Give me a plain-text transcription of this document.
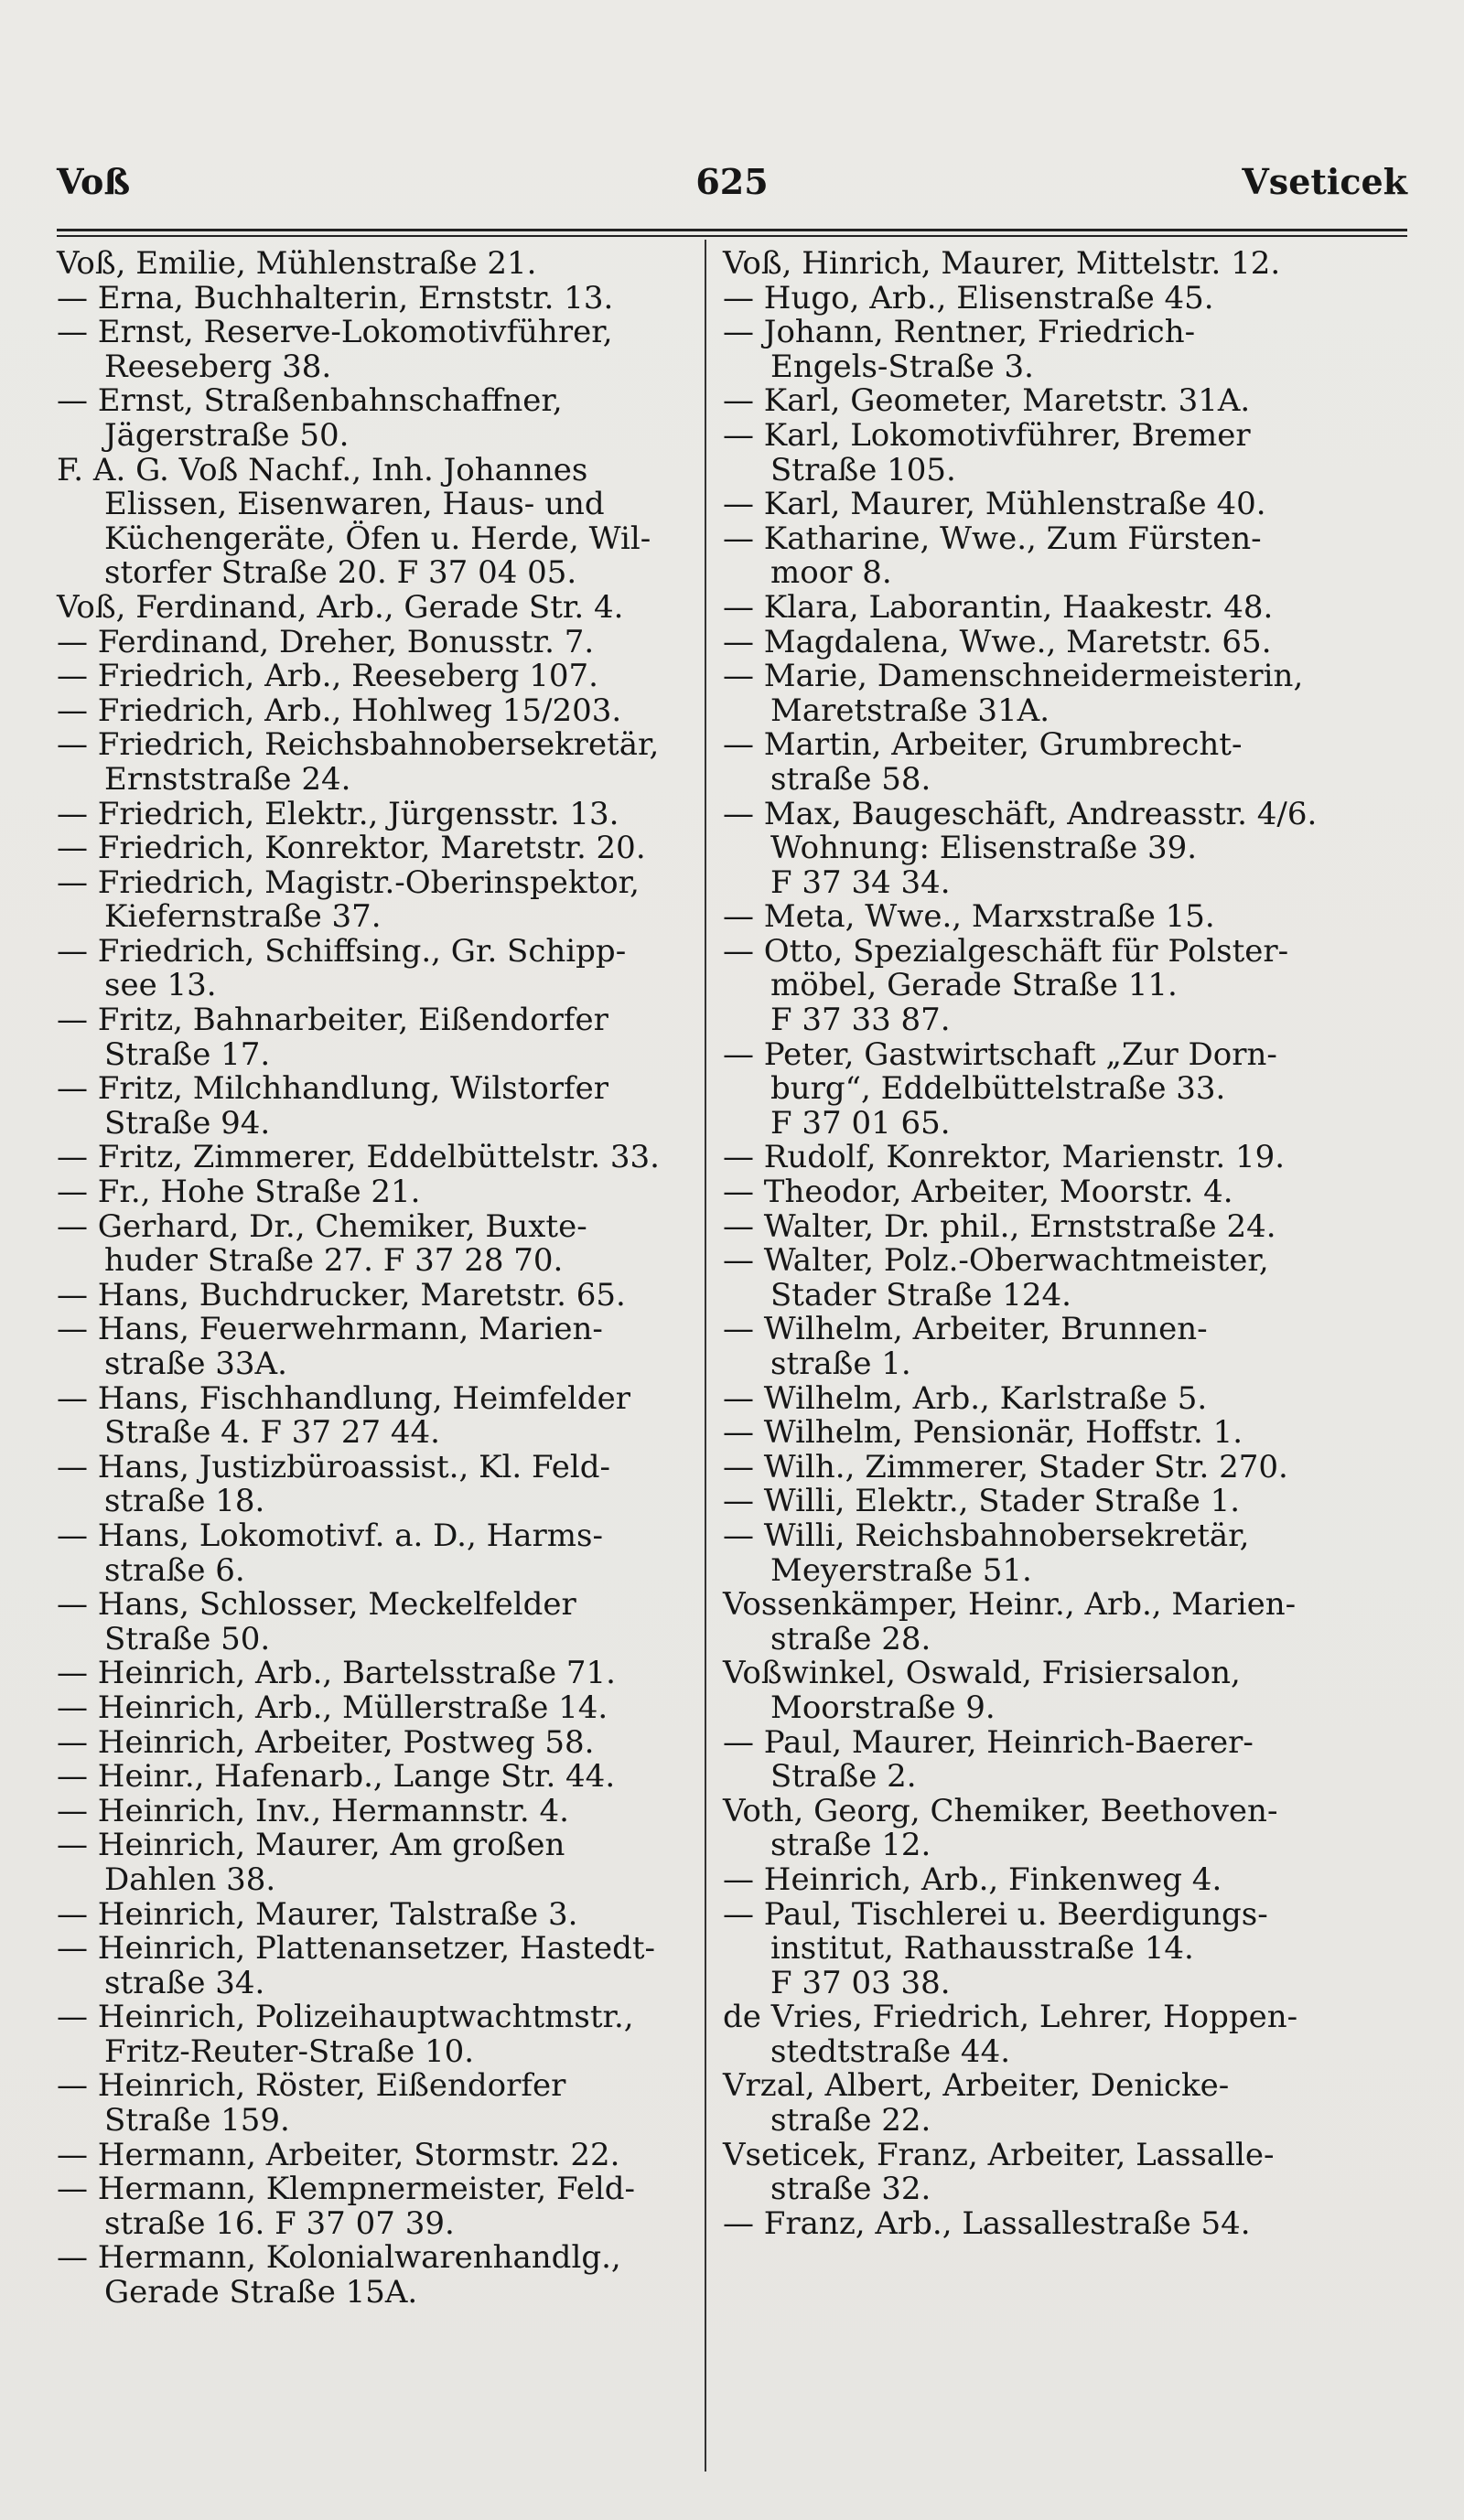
Voß	625	Vseticek
Voß, Emilie, Mühlenstraße 21.
— Erna, Buchhalterin, Ernststr. 13.
— Ernst, Reserve-Lokomotivführer,
Reeseberg 38.
— Ernst, Straßenbahnschaffner,
Jägerstraße 50.
F. A. G. Voß Nachf., Inh. Johannes
Elissen, Eisenwaren, Haus- und
Küchengeräte, Öfen u. Herde, Wil-
storfer Straße 20. F 37 04 05.
Voß, Ferdinand, Arb., Gerade Str. 4.
— Ferdinand, Dreher, Bonusstr. 7.
— Friedrich, Arb., Reeseberg 107.
— Friedrich, Arb., Hohlweg 15/203.
— Friedrich, Reichsbahnobersekretär,
Ernststraße 24.
— Friedrich, Elektr., Jürgensstr. 13.
— Friedrich, Konrektor, Maretstr. 20.
— Friedrich, Magistr.-Oberinspektor,
Kiefernstraße 37.
— Friedrich, Schiffsing., Gr. Schipp-
see 13.
— Fritz, Bahnarbeiter, Eißendorfer
Straße 17.
— Fritz, Milchhandlung, Wilstorfer
Straße 94.
— Fritz, Zimmerer, Eddelbüttelstr. 33.
— Fr., Hohe Straße 21.
— Gerhard, Dr., Chemiker, Buxte-
huder Straße 27. F 37 28 70.
— Hans, Buchdrucker, Maretstr. 65.
— Hans, Feuerwehrmann, Marien-
straße 33A.
— Hans, Fischhandlung, Heimfelder
Straße 4. F 37 27 44.
— Hans, Justizbüroassist., Kl. Feld-
straße 18.
— Hans, Lokomotivf. a. D., Harms-
straße 6.
— Hans, Schlosser, Meckelfelder
Straße 50.
— Heinrich, Arb., Bartelsstraße 71.
— Heinrich, Arb., Müllerstraße 14.
— Heinrich, Arbeiter, Postweg 58.
— Heinr., Hafenarb., Lange Str. 44.
— Heinrich, Inv., Hermannstr. 4.
— Heinrich, Maurer, Am großen
Dahlen 38.
— Heinrich, Maurer, Talstraße 3.
— Heinrich, Plattenansetzer, Hastedt-
straße 34.
— Heinrich, Polizeihauptwachtmstr.,
Fritz-Reuter-Straße 10.
— Heinrich, Röster, Eißendorfer
Straße 159.
— Hermann, Arbeiter, Stormstr. 22.
— Hermann, Klempnermeister, Feld-
straße 16. F 37 07 39.
— Hermann, Kolonialwarenhandlg.,
Gerade Straße 15A.
Voß, Hinrich, Maurer, Mittelstr. 12.
— Hugo, Arb., Elisenstraße 45.
— Johann, Rentner, Friedrich-
Engels-Straße 3.
— Karl, Geometer, Maretstr. 31A.
— Karl, Lokomotivführer, Bremer
Straße 105.
— Karl, Maurer, Mühlenstraße 40.
— Katharine, Wwe., Zum Fürsten-
moor 8.
— Klara, Laborantin, Haakestr. 48.
— Magdalena, Wwe., Maretstr. 65.
— Marie, Damenschneidermeisterin,
Maretstraße 31A.
— Martin, Arbeiter, Grumbrecht-
straße 58.
— Max, Baugeschäft, Andreasstr. 4/6.
Wohnung: Elisenstraße 39.
F 37 34 34.
— Meta, Wwe., Marxstraße 15.
— Otto, Spezialgeschäft für Polster-
möbel, Gerade Straße 11.
F 37 33 87.
— Peter, Gastwirtschaft „Zur Dorn-
burg“, Eddelbüttelstraße 33.
F 37 01 65.
— Rudolf, Konrektor, Marienstr. 19.
— Theodor, Arbeiter, Moorstr. 4.
— Walter, Dr. phil., Ernststraße 24.
— Walter, Polz.-Oberwachtmeister,
Stader Straße 124.
— Wilhelm, Arbeiter, Brunnen-
straße 1.
— Wilhelm, Arb., Karlstraße 5.
— Wilhelm, Pensionär, Hoffstr. 1.
— Wilh., Zimmerer, Stader Str. 270.
— Willi, Elektr., Stader Straße 1.
— Willi, Reichsbahnobersekretär,
Meyerstraße 51.
Vossenkämper, Heinr., Arb., Marien-
straße 28.
Voßwinkel, Oswald, Frisiersalon,
Moorstraße 9.
— Paul, Maurer, Heinrich-Baerer-
Straße 2.
Voth, Georg, Chemiker, Beethoven-
straße 12.
— Heinrich, Arb., Finkenweg 4.
— Paul, Tischlerei u. Beerdigungs-
institut, Rathausstraße 14.
F 37 03 38.
de Vries, Friedrich, Lehrer, Hoppen-
stedtstraße 44.
Vrzal, Albert, Arbeiter, Denicke-
straße 22.
Vseticek, Franz, Arbeiter, Lassalle-
straße 32.
— Franz, Arb., Lassallestraße 54.
